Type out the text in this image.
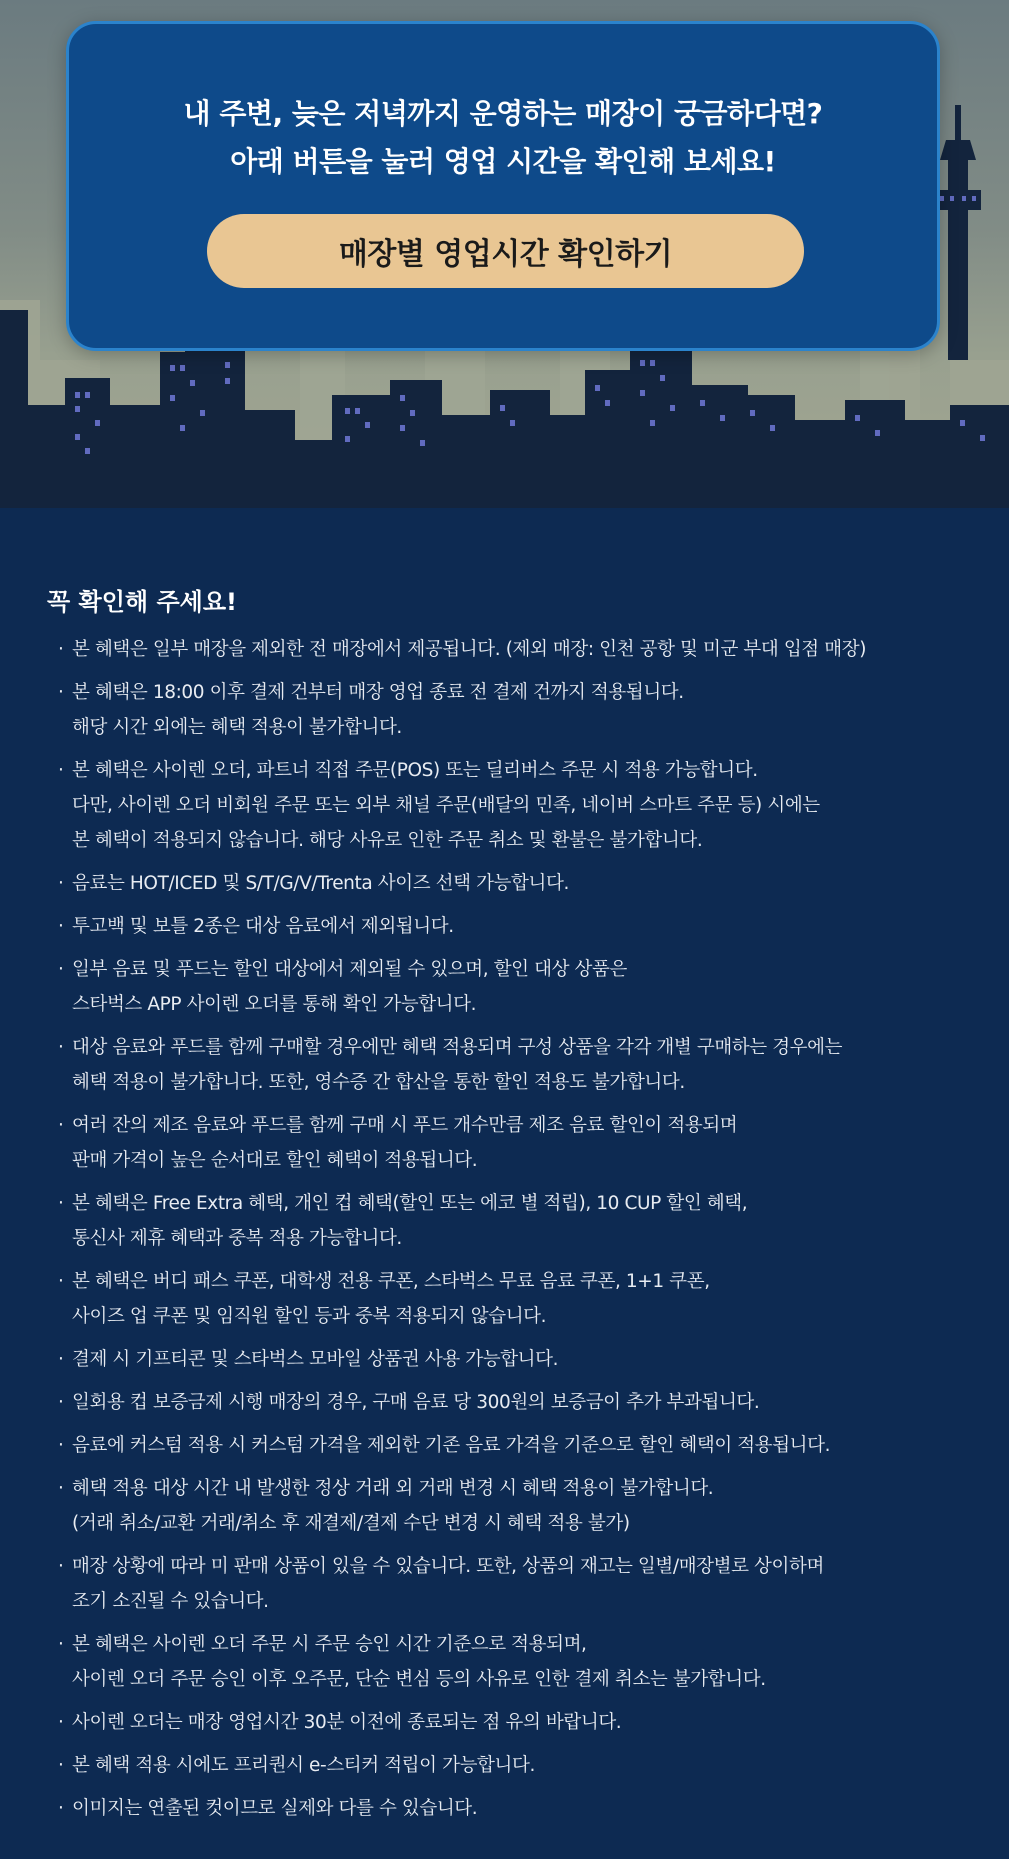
내 주변, 늦은 저녁까지 운영하는 매장이 궁금하다면?
아래 버튼을 눌러 영업 시간을 확인해 보세요!
매장별 영업시간 확인하기
꼭 확인해 주세요!
· 본 혜택은 일부 매장을 제외한 전 매장에서 제공됩니다. (제외 매장: 인천 공항 및 미군 부대 입점 매장)
· 본 혜택은 18:00 이후 결제 건부터 매장 영업 종료 전 결제 건까지 적용됩니다.
해당 시간 외에는 혜택 적용이 불가합니다.
· 본 혜택은 사이렌 오더, 파트너 직접 주문(POS) 또는 딜리버스 주문 시 적용 가능합니다.
다만, 사이렌 오더 비회원 주문 또는 외부 채널 주문(배달의 민족, 네이버 스마트 주문 등) 시에는
본 혜택이 적용되지 않습니다. 해당 사유로 인한 주문 취소 및 환불은 불가합니다.
· 음료는 HOT/ICED 및 S/T/G/V/Trenta 사이즈 선택 가능합니다.
· 투고백 및 보틀 2종은 대상 음료에서 제외됩니다.
· 일부 음료 및 푸드는 할인 대상에서 제외될 수 있으며, 할인 대상 상품은
스타벅스 APP 사이렌 오더를 통해 확인 가능합니다.
· 대상 음료와 푸드를 함께 구매할 경우에만 혜택 적용되며 구성 상품을 각각 개별 구매하는 경우에는
혜택 적용이 불가합니다. 또한, 영수증 간 합산을 통한 할인 적용도 불가합니다.
· 여러 잔의 제조 음료와 푸드를 함께 구매 시 푸드 개수만큼 제조 음료 할인이 적용되며
판매 가격이 높은 순서대로 할인 혜택이 적용됩니다.
· 본 혜택은 Free Extra 혜택, 개인 컵 혜택(할인 또는 에코 별 적립), 10 CUP 할인 혜택,
통신사 제휴 혜택과 중복 적용 가능합니다.
· 본 혜택은 버디 패스 쿠폰, 대학생 전용 쿠폰, 스타벅스 무료 음료 쿠폰, 1+1 쿠폰,
사이즈 업 쿠폰 및 임직원 할인 등과 중복 적용되지 않습니다.
· 결제 시 기프티콘 및 스타벅스 모바일 상품권 사용 가능합니다.
· 일회용 컵 보증금제 시행 매장의 경우, 구매 음료 당 300원의 보증금이 추가 부과됩니다.
· 음료에 커스텀 적용 시 커스텀 가격을 제외한 기존 음료 가격을 기준으로 할인 혜택이 적용됩니다.
· 혜택 적용 대상 시간 내 발생한 정상 거래 외 거래 변경 시 혜택 적용이 불가합니다.
(거래 취소/교환 거래/취소 후 재결제/결제 수단 변경 시 혜택 적용 불가)
· 매장 상황에 따라 미 판매 상품이 있을 수 있습니다. 또한, 상품의 재고는 일별/매장별로 상이하며
조기 소진될 수 있습니다.
· 본 혜택은 사이렌 오더 주문 시 주문 승인 시간 기준으로 적용되며,
사이렌 오더 주문 승인 이후 오주문, 단순 변심 등의 사유로 인한 결제 취소는 불가합니다.
· 사이렌 오더는 매장 영업시간 30분 이전에 종료되는 점 유의 바랍니다.
· 본 혜택 적용 시에도 프리퀀시 e-스티커 적립이 가능합니다.
· 이미지는 연출된 컷이므로 실제와 다를 수 있습니다.
